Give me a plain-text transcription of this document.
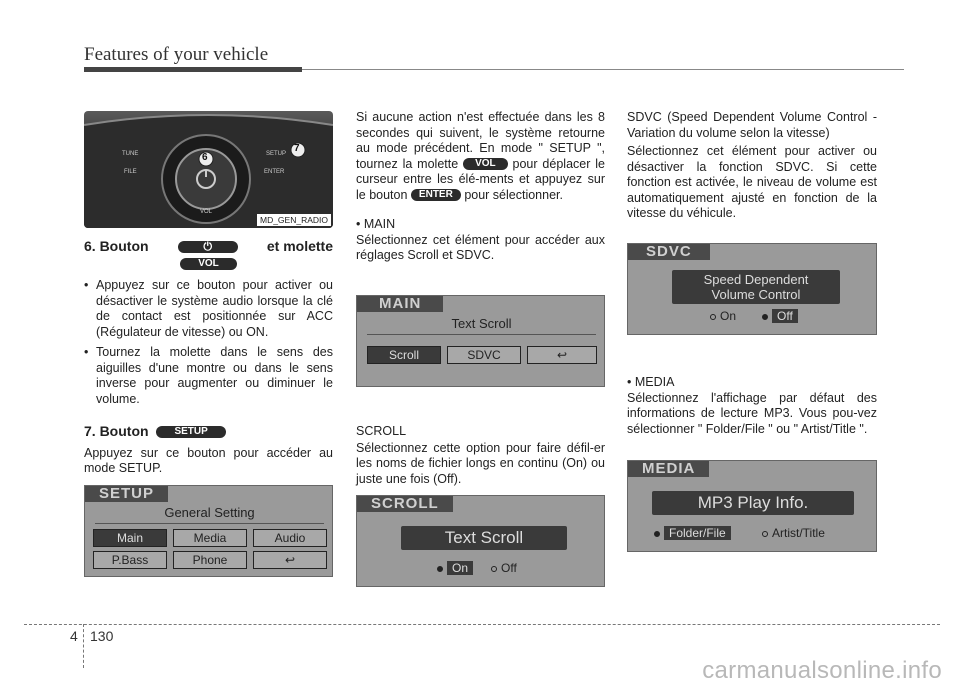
Features of your vehicle
TUNE
FILE
SETUP
ENTER
VOL
6
7
MD_GEN_RADIO
6. Bouton	⏻	et molette
VOL
• Appuyez sur ce bouton pour activer ou désactiver le système audio lorsque la clé de contact est positionnée sur ACC (Régulateur de vitesse) ou ON.

• Tournez la molette dans le sens des aiguilles d'une montre ou dans le sens inverse pour augmenter ou diminuer le volume.

7. Bouton	SETUP

Appuyez sur ce bouton pour accéder au mode SETUP.

SETUP
General Setting
Main	Media	Audio
P.Bass	Phone	↩

Si aucune action n'est effectuée dans les 8 secondes qui suivent, le système retourne au mode précédent. En mode " SETUP ", tournez la molette VOL pour déplacer le curseur entre les élé-ments et appuyez sur le bouton ENTER pour sélectionner.

• MAIN

Sélectionnez cet élément pour accéder aux réglages Scroll et SDVC.

MAIN
Text Scroll
Scroll	SDVC	↩

SCROLL

Sélectionnez cette option pour faire défil-er les noms de fichier longs en continu (On) ou juste une fois (Off).

SCROLL
Text Scroll
On	Off

SDVC (Speed Dependent Volume Control - Variation du volume selon la vitesse)

Sélectionnez cet élément pour activer ou désactiver la fonction SDVC. Si cette fonction est activée, le niveau de volume est automatiquement ajusté en fonction de la vitesse du véhicule.

SDVC
Speed Dependent
Volume Control
On	Off

• MEDIA

Sélectionnez l'affichage par défaut des informations de lecture MP3. Vous pou-vez sélectionner " Folder/File " ou " Artist/Title ".

MEDIA
MP3 Play Info.
Folder/File	Artist/Title
4 130
carmanualsonline.info
